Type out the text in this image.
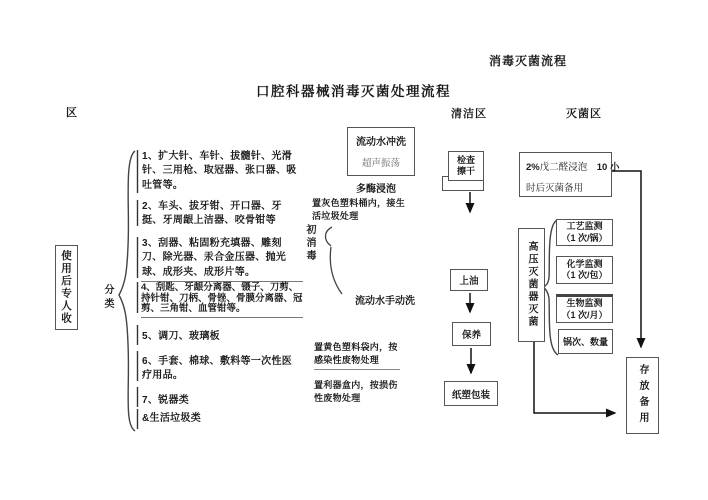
消毒灭菌流程
口腔科器械消毒灭菌处理流程
区	清洁区	灭菌区
使用后专人收	分类
1、扩大针、车针、拔髓针、光滑针、三用枪、取冠器、张口器、吸吐管等。
2、车头、拔牙钳、开口器、牙挺、牙周龈上洁器、咬骨钳等
3、刮器、粘固粉充填器、雕刻刀、除光器、汞合金压器、抛光球、成形夹、成形片等。
4、刮匙、牙龈分离器、镊子、刀剪、持针钳、刀柄、骨锉、骨膜分离器、冠剪、三角钳、血管钳等。
5、调刀、玻璃板
6、手套、棉球、敷料等一次性医疗用品。
7、锐器类
&生活垃圾类
流动水冲洗
超声振荡
多酶浸泡
置灰色塑料桶内，接生活垃圾处理
初消毒
流动水手动洗
置黄色塑料袋内，按感染性废物处理
置利器盒内，按损伤性废物处理
检查
擦干
上油
保养
纸塑包装
2%戊二醛浸泡　10 小
时后灭菌备用
高压灭菌器灭菌
工艺监测
（1 次/锅）
化学监测
（1 次/包）
生物监测
（1 次/月）
锅次、数量
存放备用
